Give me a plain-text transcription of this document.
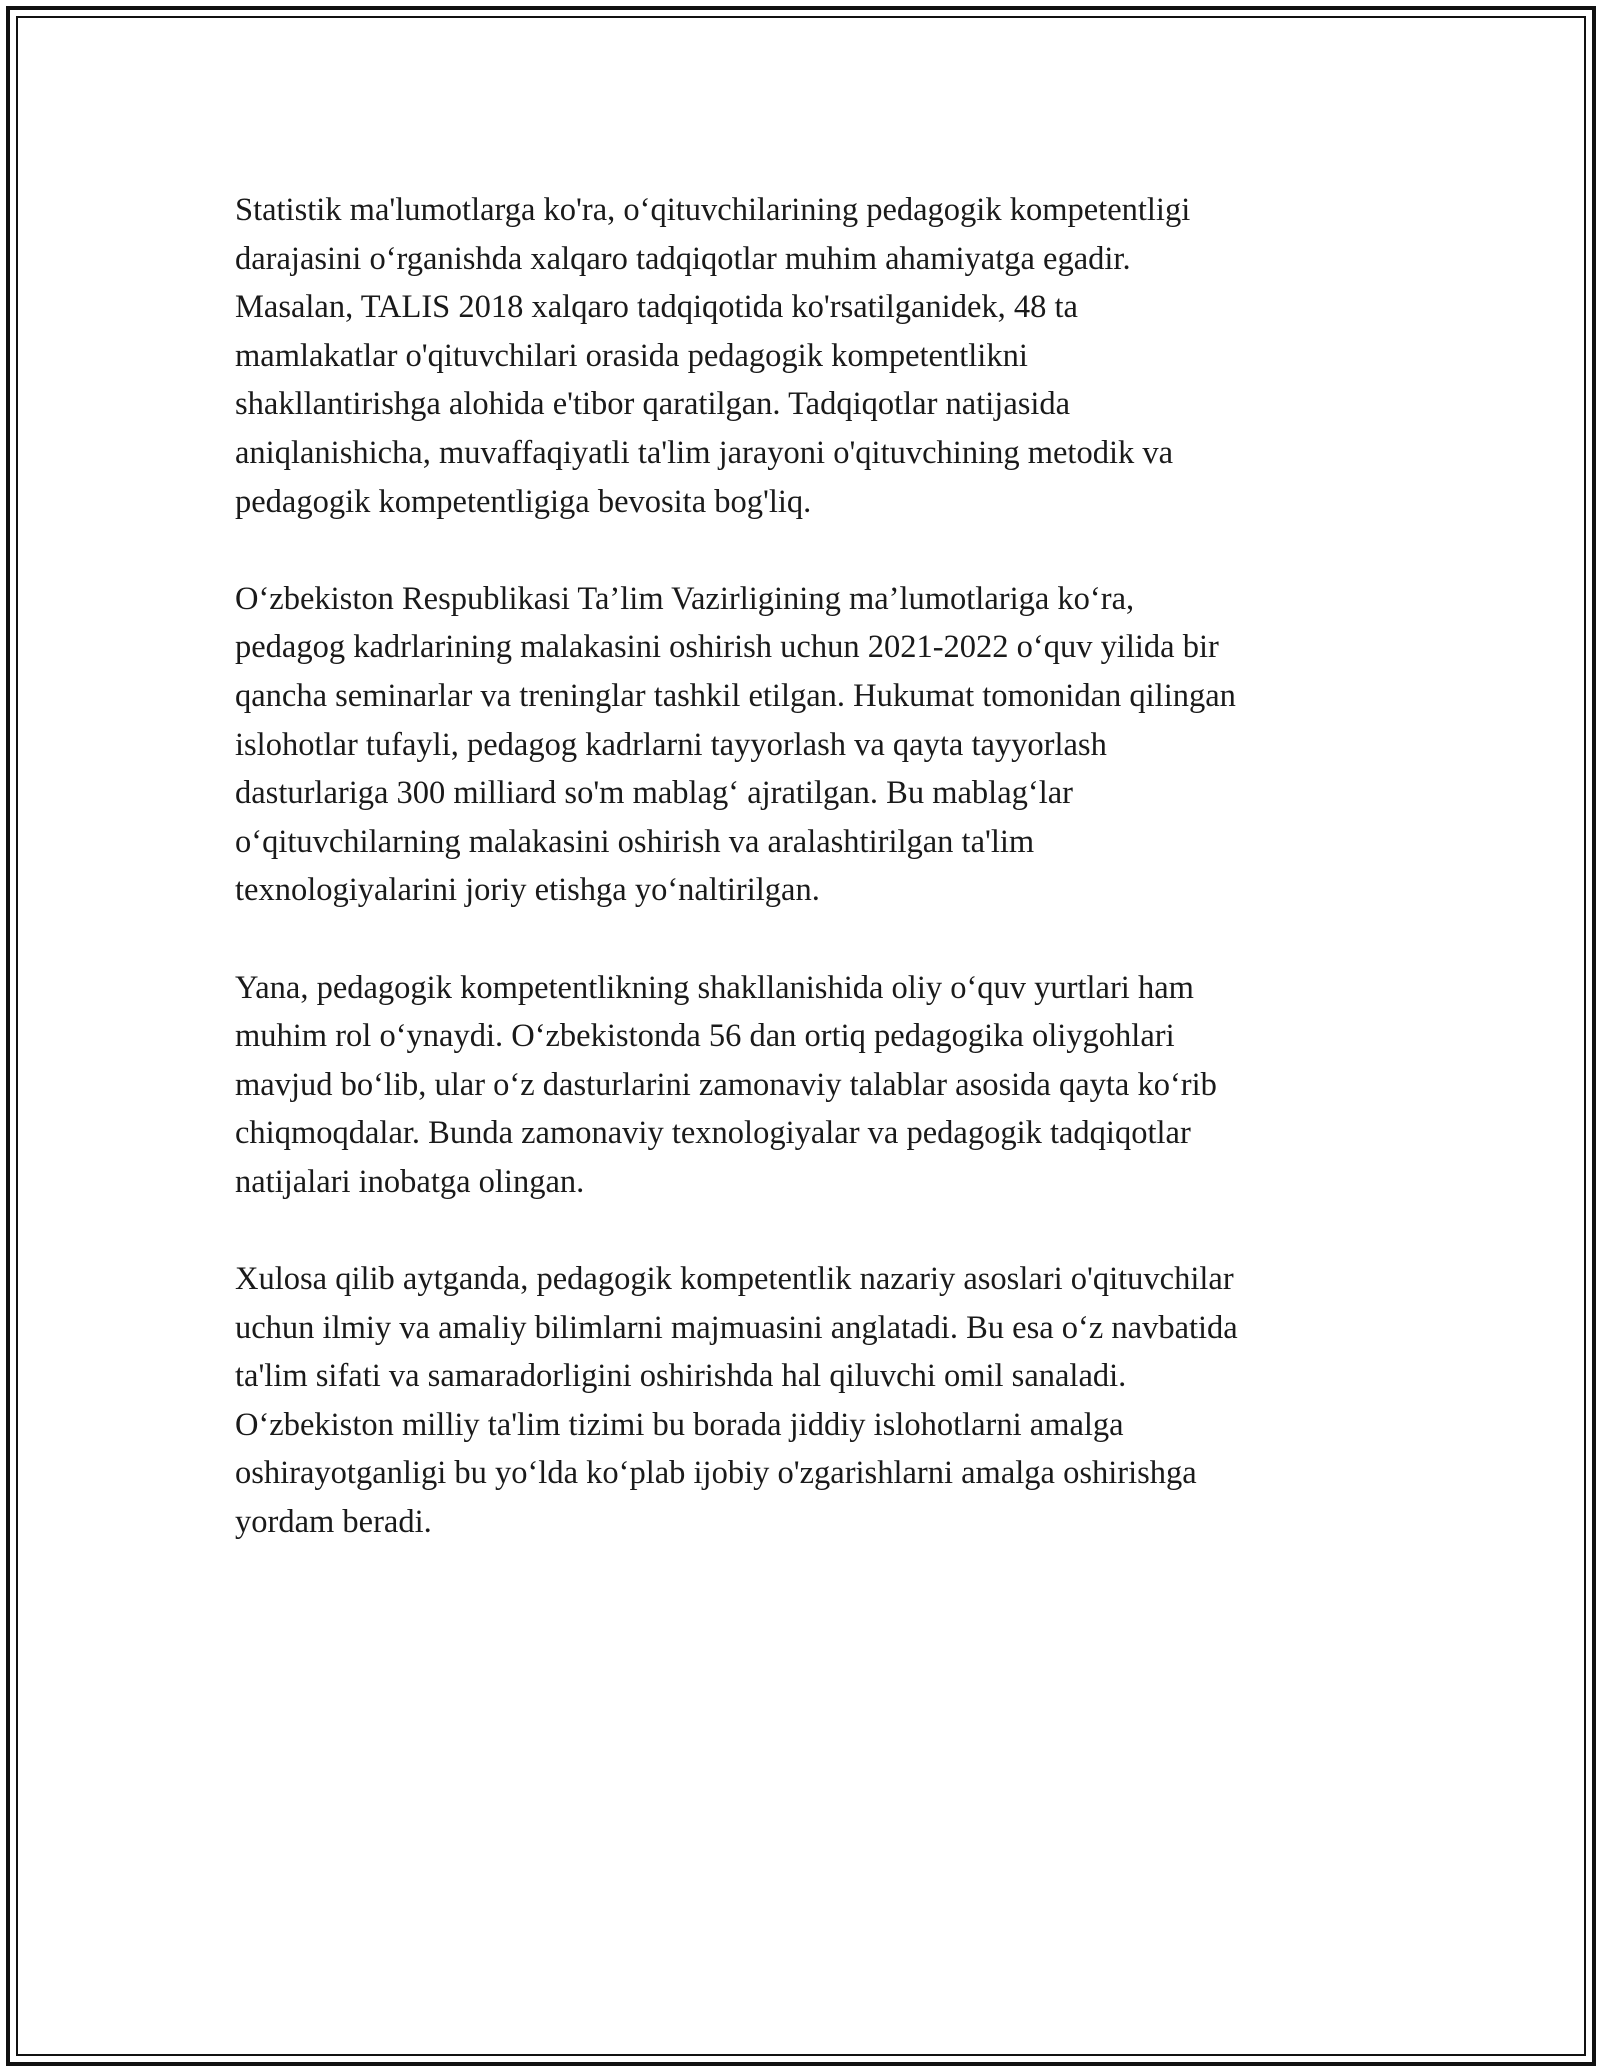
Statistik ma'lumotlarga ko'ra, o‘qituvchilarining pedagogik kompetentligi
darajasini o‘rganishda xalqaro tadqiqotlar muhim ahamiyatga egadir.
Masalan, TALIS 2018 xalqaro tadqiqotida ko'rsatilganidek, 48 ta
mamlakatlar o'qituvchilari orasida pedagogik kompetentlikni
shakllantirishga alohida e'tibor qaratilgan. Tadqiqotlar natijasida
aniqlanishicha, muvaffaqiyatli ta'lim jarayoni o'qituvchining metodik va
pedagogik kompetentligiga bevosita bog'liq.

O‘zbekiston Respublikasi Ta’lim Vazirligining ma’lumotlariga ko‘ra,
pedagog kadrlarining malakasini oshirish uchun 2021-2022 o‘quv yilida bir
qancha seminarlar va treninglar tashkil etilgan. Hukumat tomonidan qilingan
islohotlar tufayli, pedagog kadrlarni tayyorlash va qayta tayyorlash
dasturlariga 300 milliard so'm mablag‘ ajratilgan. Bu mablag‘lar
o‘qituvchilarning malakasini oshirish va aralashtirilgan ta'lim
texnologiyalarini joriy etishga yo‘naltirilgan.

Yana, pedagogik kompetentlikning shakllanishida oliy o‘quv yurtlari ham
muhim rol o‘ynaydi. O‘zbekistonda 56 dan ortiq pedagogika oliygohlari
mavjud bo‘lib, ular o‘z dasturlarini zamonaviy talablar asosida qayta ko‘rib
chiqmoqdalar. Bunda zamonaviy texnologiyalar va pedagogik tadqiqotlar
natijalari inobatga olingan.

Xulosa qilib aytganda, pedagogik kompetentlik nazariy asoslari o'qituvchilar
uchun ilmiy va amaliy bilimlarni majmuasini anglatadi. Bu esa o‘z navbatida
ta'lim sifati va samaradorligini oshirishda hal qiluvchi omil sanaladi.
O‘zbekiston milliy ta'lim tizimi bu borada jiddiy islohotlarni amalga
oshirayotganligi bu yo‘lda ko‘plab ijobiy o'zgarishlarni amalga oshirishga
yordam beradi.
